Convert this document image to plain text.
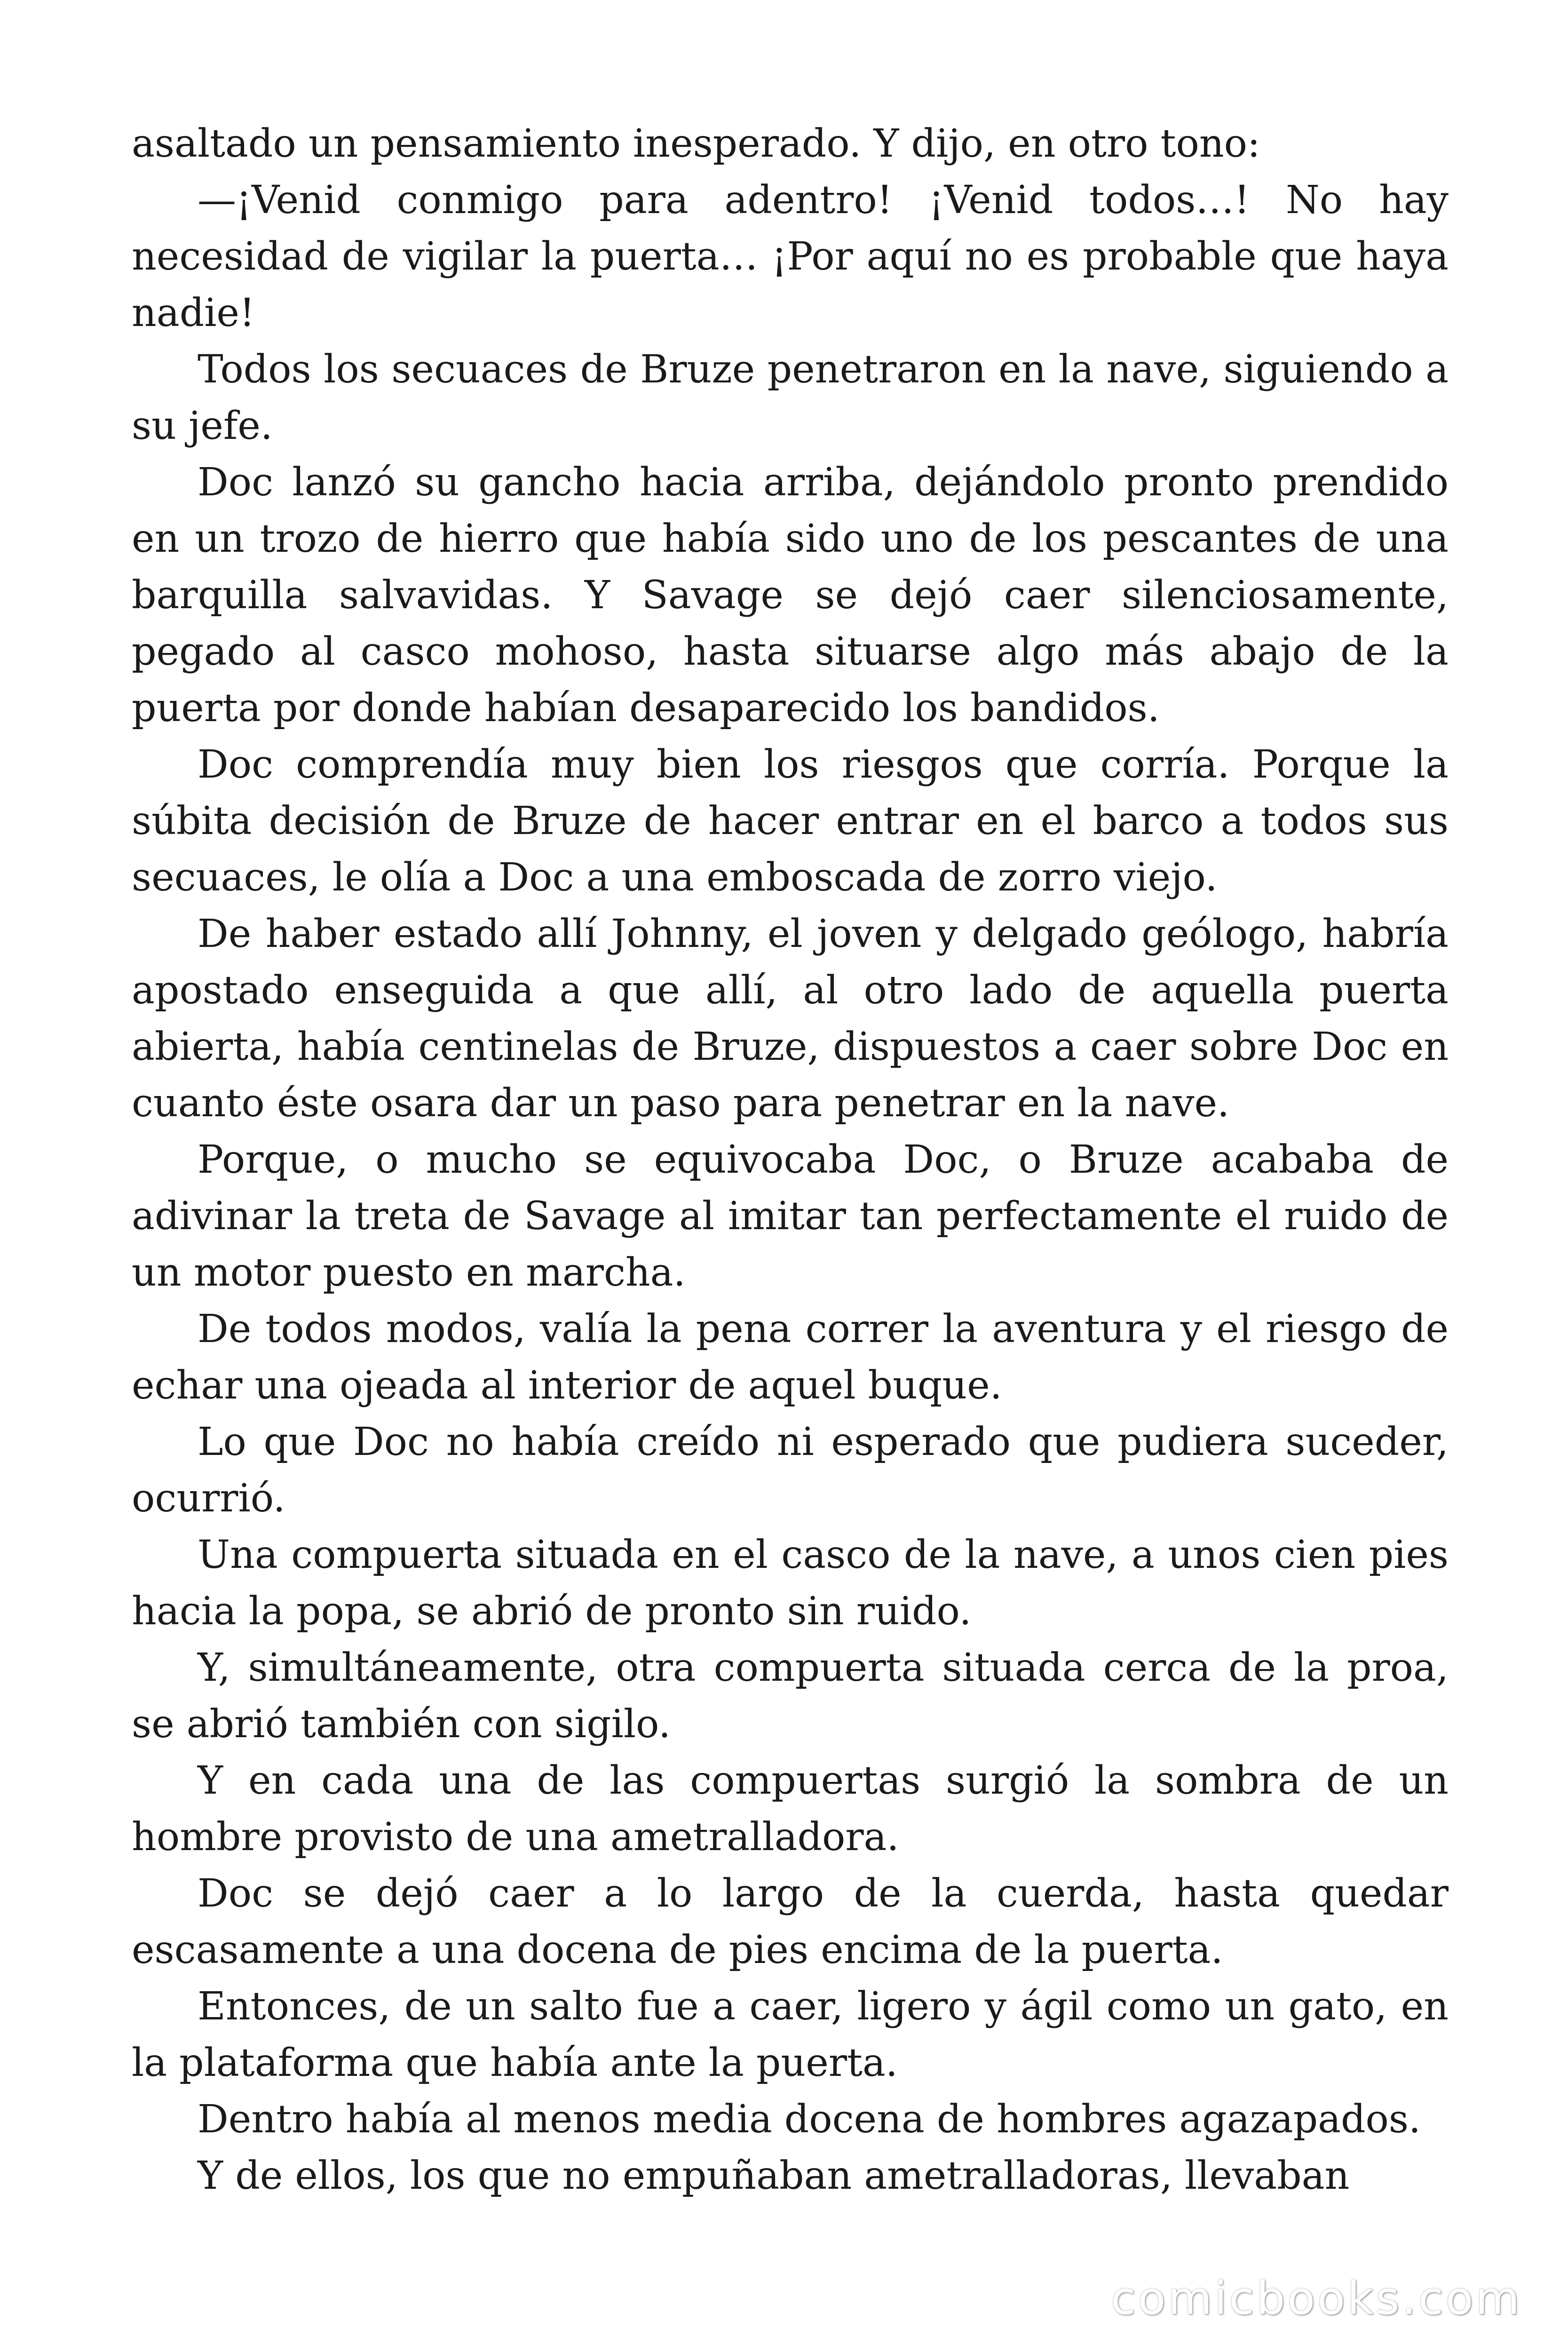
asaltado un pensamiento inesperado. Y dijo, en otro tono:

—¡Venid conmigo para adentro! ¡Venid todos…! No hay necesidad de vigilar la puerta… ¡Por aquí no es probable que haya nadie!

Todos los secuaces de Bruze penetraron en la nave, siguiendo a su jefe.

Doc lanzó su gancho hacia arriba, dejándolo pronto prendido en un trozo de hierro que había sido uno de los pescantes de una barquilla salvavidas. Y Savage se dejó caer silenciosamente, pegado al casco mohoso, hasta situarse algo más abajo de la puerta por donde habían desaparecido los bandidos.

Doc comprendía muy bien los riesgos que corría. Porque la súbita decisión de Bruze de hacer entrar en el barco a todos sus secuaces, le olía a Doc a una emboscada de zorro viejo.

De haber estado allí Johnny, el joven y delgado geólogo, habría apostado enseguida a que allí, al otro lado de aquella puerta abierta, había centinelas de Bruze, dispuestos a caer sobre Doc en cuanto éste osara dar un paso para penetrar en la nave.

Porque, o mucho se equivocaba Doc, o Bruze acababa de adivinar la treta de Savage al imitar tan perfectamente el ruido de un motor puesto en marcha.

De todos modos, valía la pena correr la aventura y el riesgo de echar una ojeada al interior de aquel buque.

Lo que Doc no había creído ni esperado que pudiera suceder, ocurrió.

Una compuerta situada en el casco de la nave, a unos cien pies hacia la popa, se abrió de pronto sin ruido.

Y, simultáneamente, otra compuerta situada cerca de la proa, se abrió también con sigilo.

Y en cada una de las compuertas surgió la sombra de un hombre provisto de una ametralladora.

Doc se dejó caer a lo largo de la cuerda, hasta quedar escasamente a una docena de pies encima de la puerta.

Entonces, de un salto fue a caer, ligero y ágil como un gato, en la plataforma que había ante la puerta.

Dentro había al menos media docena de hombres agazapados.

Y de ellos, los que no empuñaban ametralladoras, llevaban

comicbooks.com
